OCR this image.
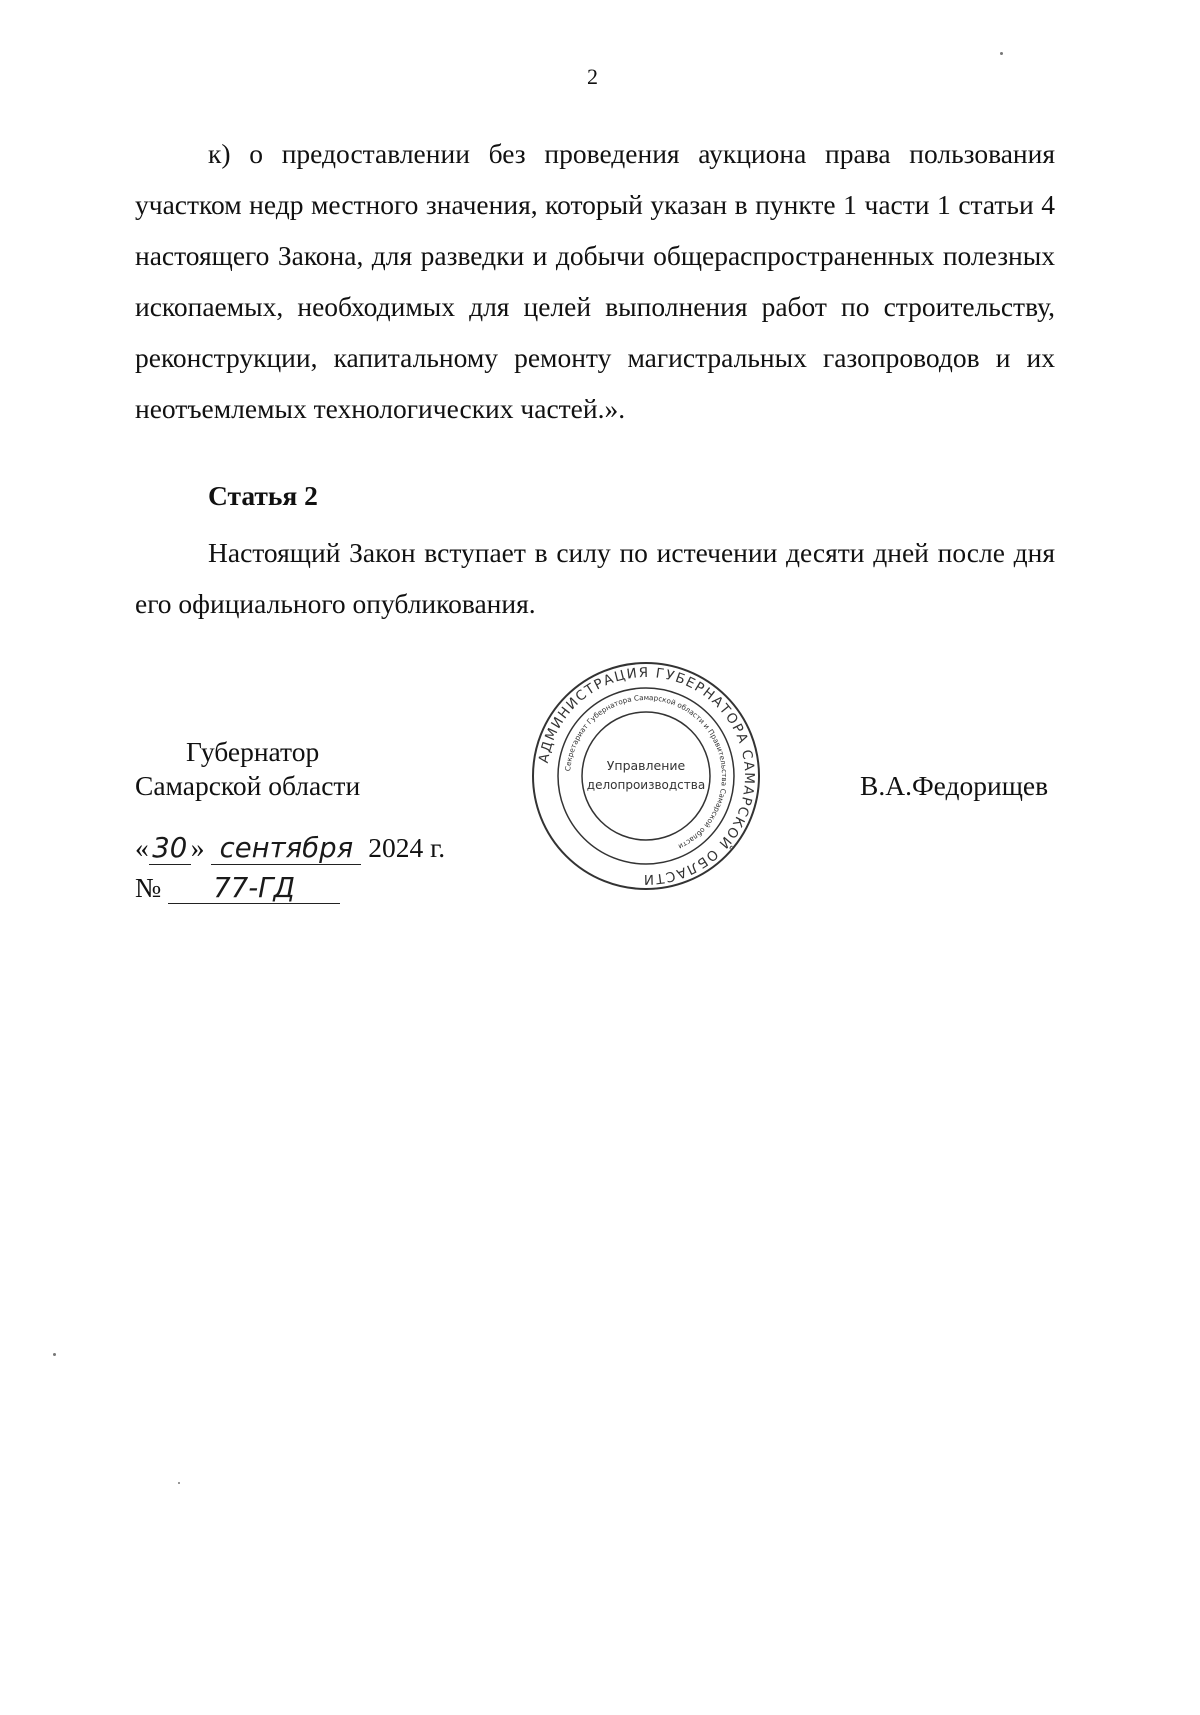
2

к) о предоставлении без проведения аукциона права пользования участком недр местного значения, который указан в пункте 1 части 1 статьи 4 настоящего Закона, для разведки и добычи общераспространенных полезных ископаемых, необходимых для целей выполнения работ по строительству, реконструкции, капитальному ремонту магистральных газопроводов и их неотъемлемых технологических частей.».

Статья 2

Настоящий Закон вступает в силу по истечении десяти дней после дня его официального опубликования.

Губернатор
Самарской области	В.А.Федорищев
АДМИНИСТРАЦИЯ ГУБЕРНАТОРА САМАРСКОЙ ОБЛАСТИ
Секретариат Губернатора Самарской области и Правительства Самарской области
Управление
делопроизводства
« 30 » сентября 2024 г.
№ 77-ГД
